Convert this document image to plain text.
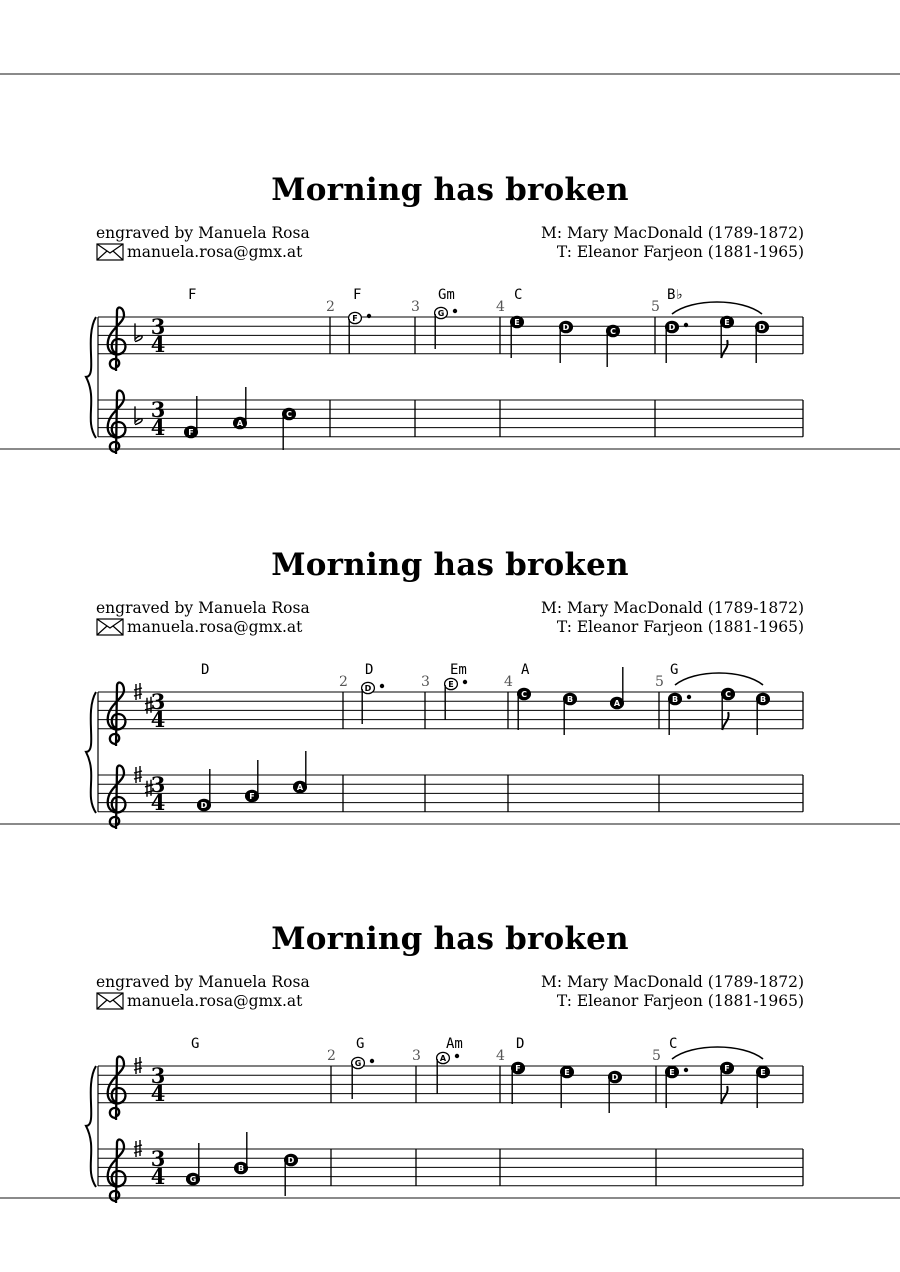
Morning has broken
engraved by Manuela Rosa
manuela.rosa@gmx.at
M: Mary MacDonald (1789-1872)
T: Eleanor Farjeon (1881-1965)
3
4
3
4
F	F	Gm	C	B♭
2	3	4	5
F
G
E
D	C	D
E
D
F
A
C
Morning has broken
engraved by Manuela Rosa
manuela.rosa@gmx.at
M: Mary MacDonald (1789-1872)
T: Eleanor Farjeon (1881-1965)
3
4
3
4
D	D	Em	A	G
2	3	4	5
D	E
C
B	A	B
C
B
D
F
A
Morning has broken
engraved by Manuela Rosa
manuela.rosa@gmx.at
M: Mary MacDonald (1789-1872)
T: Eleanor Farjeon (1881-1965)
3
4
3
4
G	G	Am	D	C
2	3	4	5
G
A
F	E
D
E	F	E
G
B
D
